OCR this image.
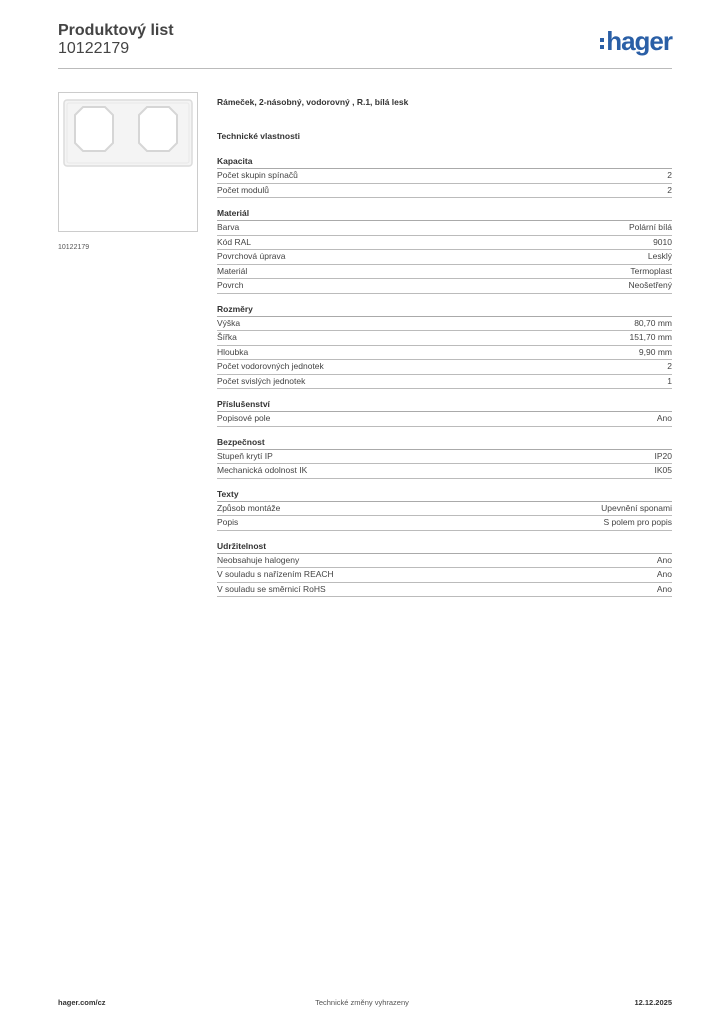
Produktový list
10122179	hager
10122179
Rámeček, 2-násobný, vodorovný , R.1, bílá lesk
Technické vlastnosti
Kapacita
Počet skupin spínačů	2
Počet modulů	2
Materiál
Barva	Polární bílá
Kód RAL	9010
Povrchová úprava	Lesklý
Materiál	Termoplast
Povrch	Neošetřený
Rozměry
Výška	80,70 mm
Šířka	151,70 mm
Hloubka	9,90 mm
Počet vodorovných jednotek	2
Počet svislých jednotek	1
Příslušenství
Popisové pole	Ano
Bezpečnost
Stupeň krytí IP	IP20
Mechanická odolnost IK	IK05
Texty
Způsob montáže	Upevnění sponami
Popis	S polem pro popis
Udržitelnost
Neobsahuje halogeny	Ano
V souladu s nařízením REACH	Ano
V souladu se směrnicí RoHS	Ano
hager.com/cz	Technické změny vyhrazeny	12.12.2025
